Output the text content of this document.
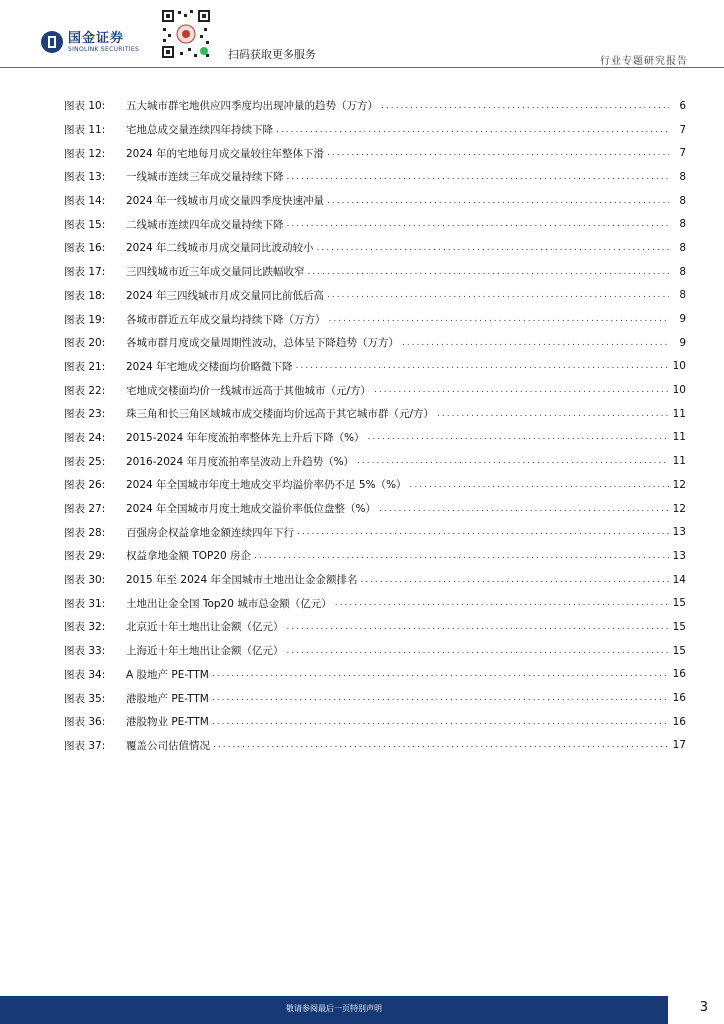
国金证券
SINOLINK SECURITIES	扫码获取更多服务
行业专题研究报告
图表 10:	五大城市群宅地供应四季度均出现冲量的趋势（万方） .....	6
图表 11:	宅地总成交量连续四年持续下降 .....	7
图表 12:	2024 年的宅地每月成交量较往年整体下滑 .....	7
图表 13:	一线城市连续三年成交量持续下降 .....	8
图表 14:	2024 年一线城市月成交量四季度快速冲量 .....	8
图表 15:	二线城市连续四年成交量持续下降 .....	8
图表 16:	2024 年二线城市月成交量同比波动较小 .....	8
图表 17:	三四线城市近三年成交量同比跌幅收窄 .....	8
图表 18:	2024 年三四线城市月成交量同比前低后高 .....	8
图表 19:	各城市群近五年成交量均持续下降（万方） .....	9
图表 20:	各城市群月度成交量周期性波动，总体呈下降趋势（万方） .....	9
图表 21:	2024 年宅地成交楼面均价略微下降 .....	10
图表 22:	宅地成交楼面均价一线城市远高于其他城市（元/方） .....	10
图表 23:	珠三角和长三角区域城市成交楼面均价远高于其它城市群（元/方） .....	11
图表 24:	2015-2024 年年度流拍率整体先上升后下降（%） .....	11
图表 25:	2016-2024 年月度流拍率呈波动上升趋势（%） .....	11
图表 26:	2024 年全国城市年度土地成交平均溢价率仍不足 5%（%） .....	12
图表 27:	2024 年全国城市月度土地成交溢价率低位盘整（%） .....	12
图表 28:	百强房企权益拿地金额连续四年下行 .....	13
图表 29:	权益拿地金额 TOP20 房企 .....	13
图表 30:	2015 年至 2024 年全国城市土地出让金金额排名 .....	14
图表 31:	土地出让金全国 Top20 城市总金额（亿元） .....	15
图表 32:	北京近十年土地出让金额（亿元） .....	15
图表 33:	上海近十年土地出让金额（亿元） .....	15
图表 34:	A 股地产 PE-TTM .....	16
图表 35:	港股地产 PE-TTM .....	16
图表 36:	港股物业 PE-TTM .....	16
图表 37:	覆盖公司估值情况 .....	17
敬请参阅最后一页特别声明	3
